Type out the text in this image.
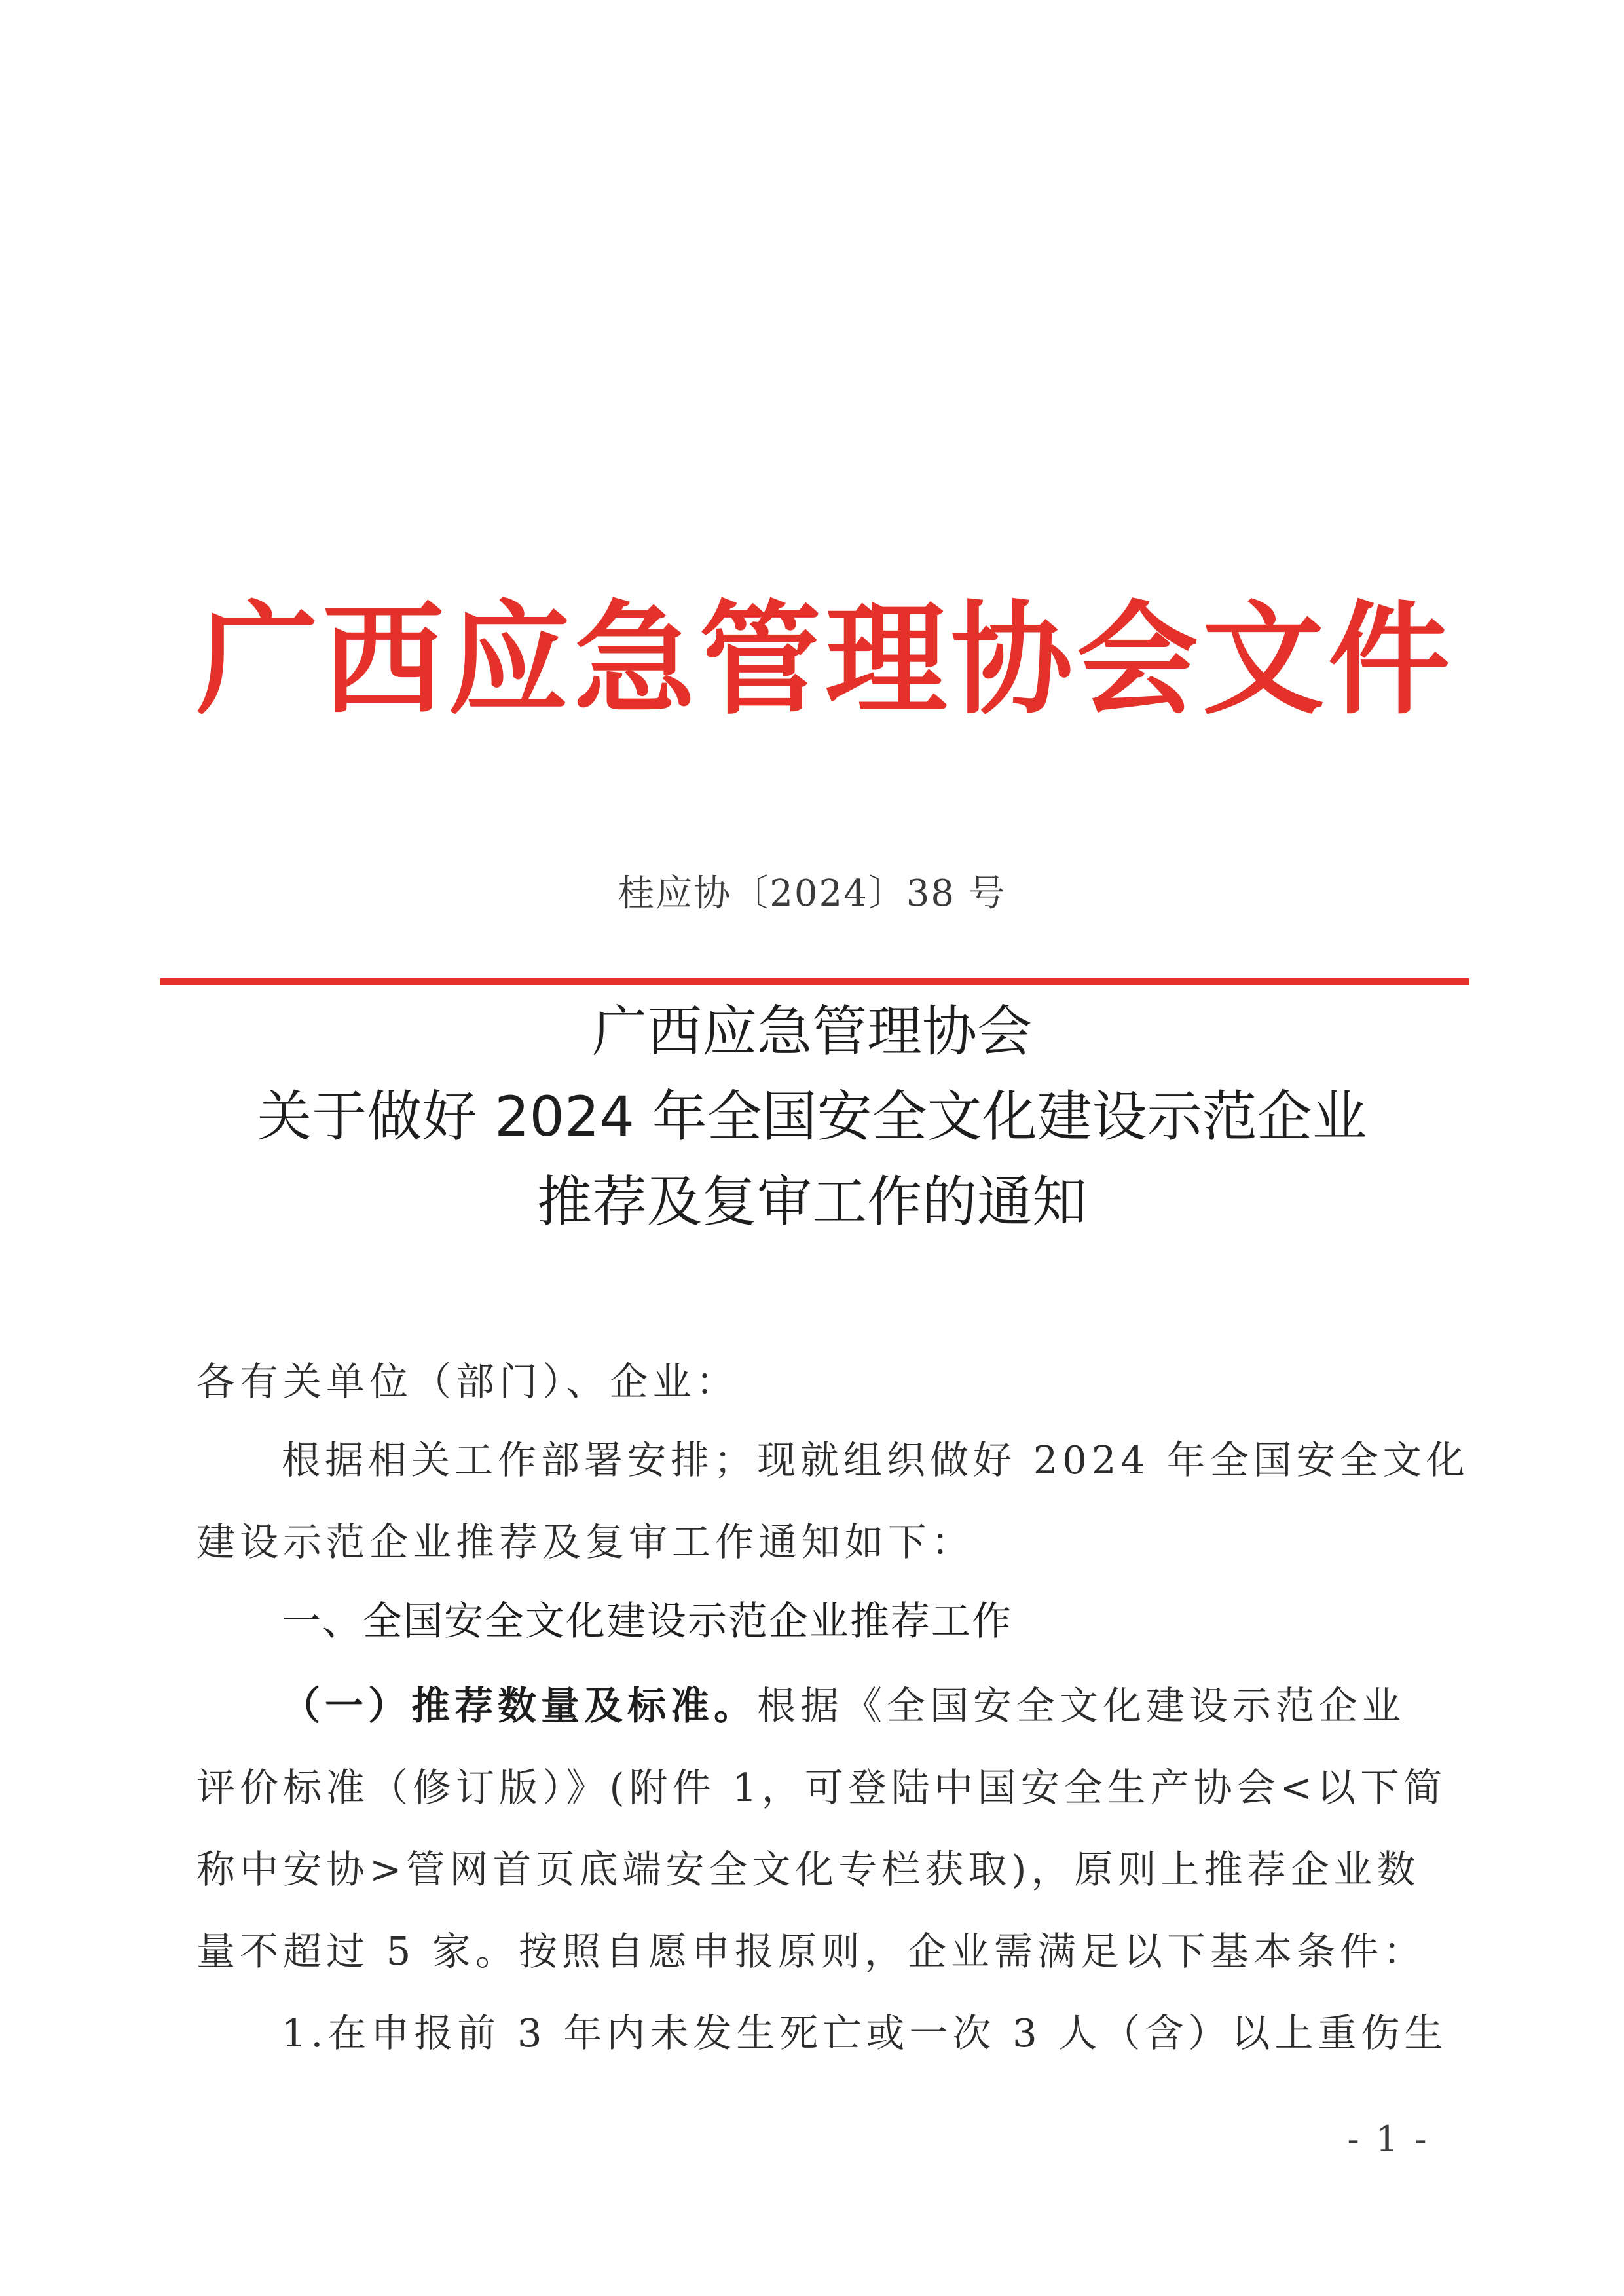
广西应急管理协会文件
桂应协〔2024〕38 号
广西应急管理协会
关于做好 2024 年全国安全文化建设示范企业
推荐及复审工作的通知
各有关单位（部门）、企业：
根据相关工作部署安排；现就组织做好 2024 年全国安全文化
建设示范企业推荐及复审工作通知如下：
一、全国安全文化建设示范企业推荐工作
（一）推荐数量及标准。根据《全国安全文化建设示范企业
评价标准（修订版）》(附件 1，可登陆中国安全生产协会<以下简
称中安协>管网首页底端安全文化专栏获取)，原则上推荐企业数
量不超过 5 家。按照自愿申报原则，企业需满足以下基本条件：
1.在申报前 3 年内未发生死亡或一次 3 人（含）以上重伤生
- 1 -
